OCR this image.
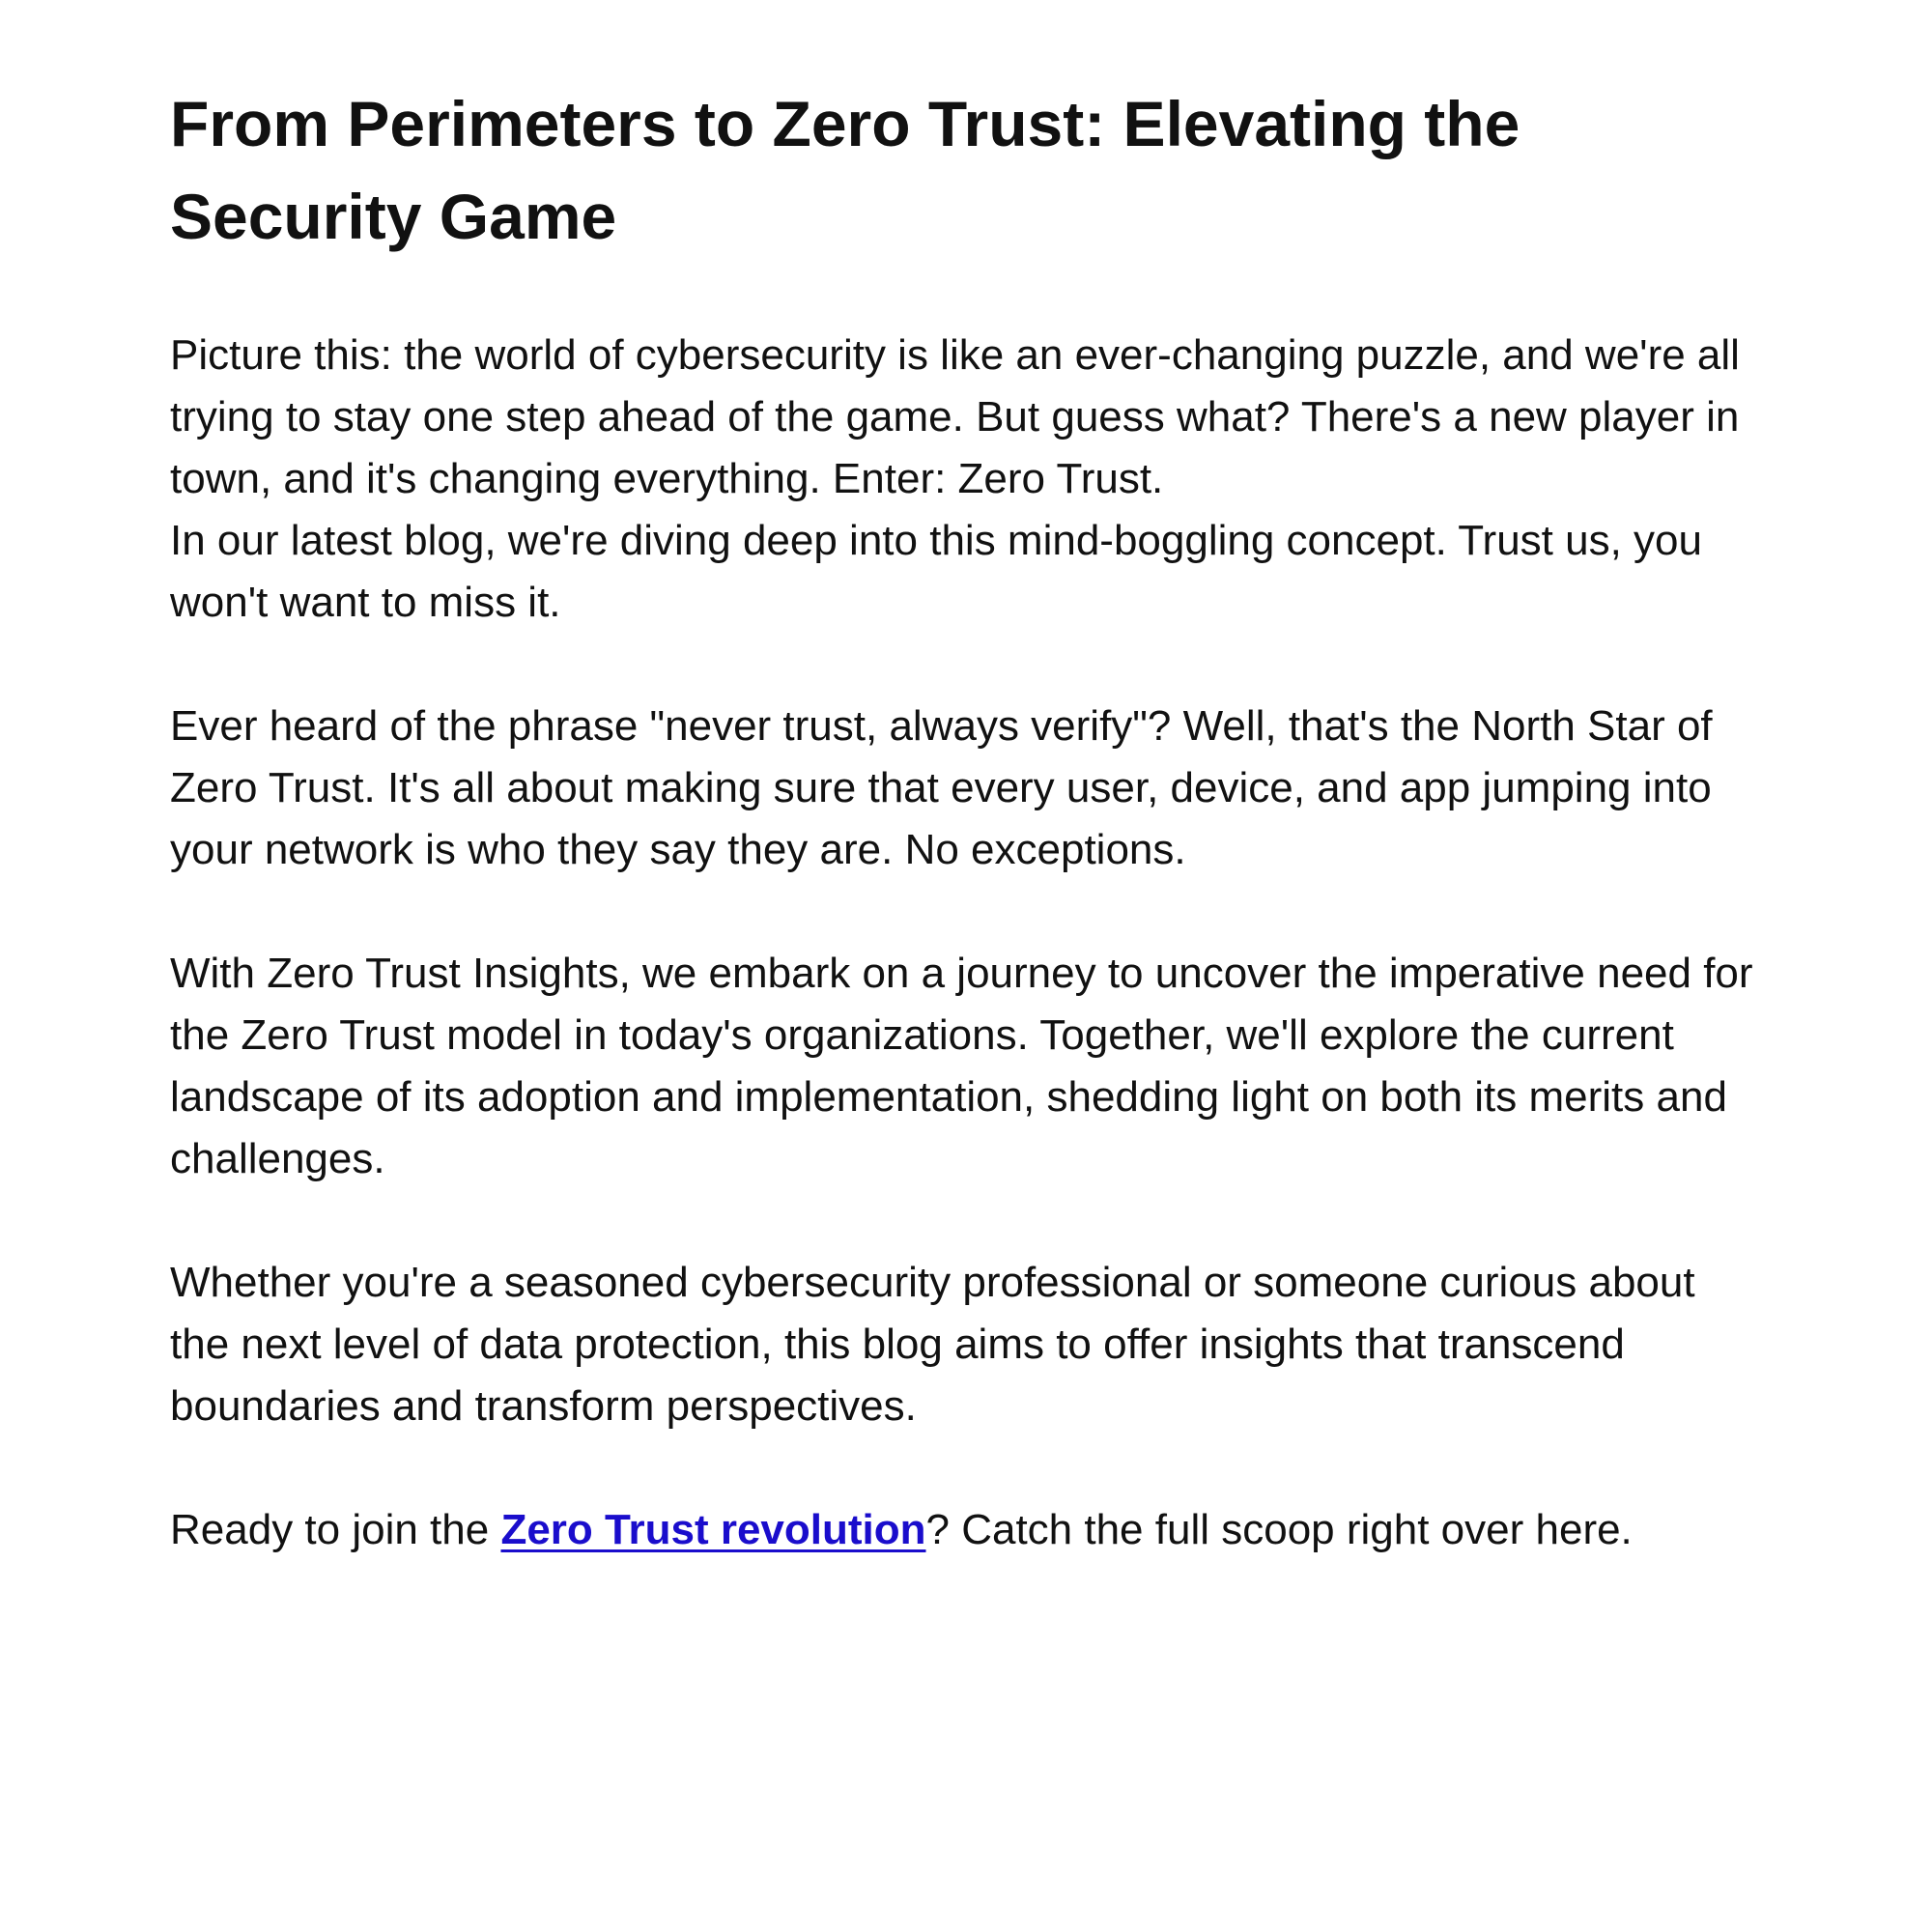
From Perimeters to Zero Trust: Elevating the Security Game

Picture this: the world of cybersecurity is like an ever-changing puzzle, and we're all trying to stay one step ahead of the game. But guess what? There's a new player in town, and it's changing everything. Enter: Zero Trust.

In our latest blog, we're diving deep into this mind-boggling concept. Trust us, you won't want to miss it.

Ever heard of the phrase "never trust, always verify"? Well, that's the North Star of Zero Trust. It's all about making sure that every user, device, and app jumping into your network is who they say they are. No exceptions.

With Zero Trust Insights, we embark on a journey to uncover the imperative need for the Zero Trust model in today's organizations. Together, we'll explore the current landscape of its adoption and implementation, shedding light on both its merits and challenges.

Whether you're a seasoned cybersecurity professional or someone curious about the next level of data protection, this blog aims to offer insights that transcend boundaries and transform perspectives.

Ready to join the Zero Trust revolution? Catch the full scoop right over here.
